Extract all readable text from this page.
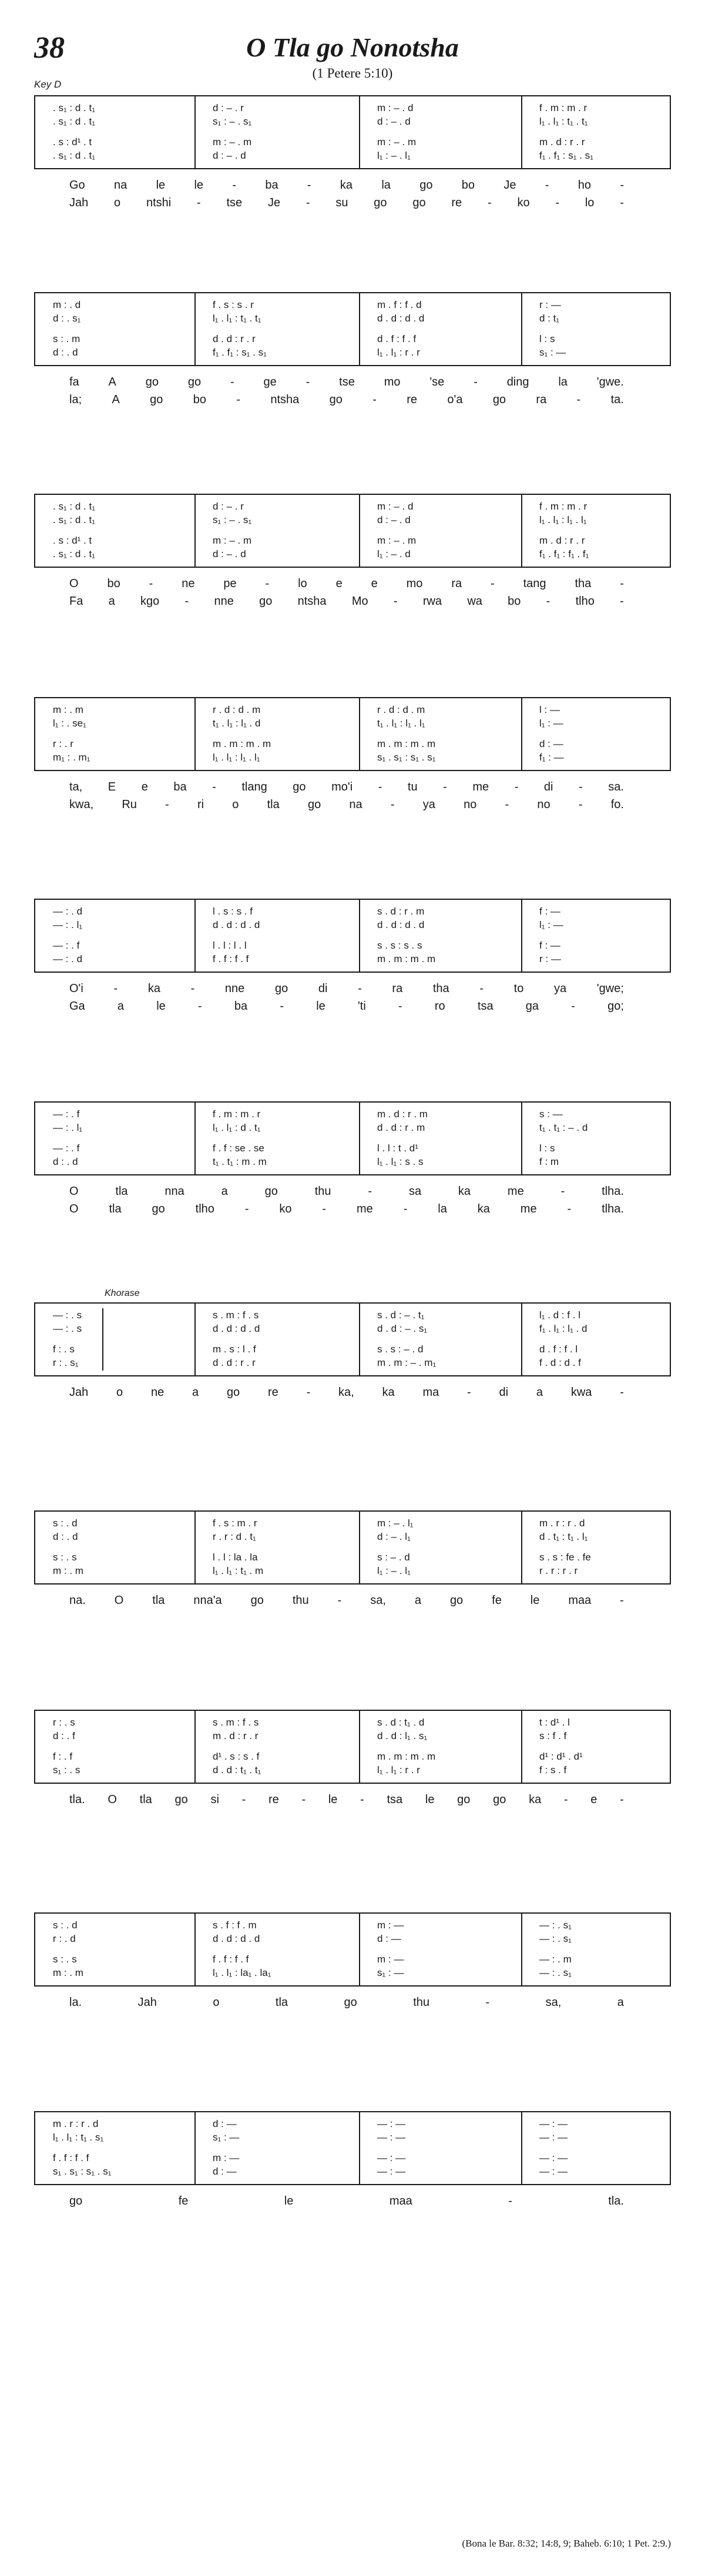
38	O Tla go Nonotsha
(1 Petere 5:10)
Key D
. s₁ : d . t₁	d : – . r	m : – . d	f . m : m . r
. s₁ : d . t₁	s₁ : – . s₁	d : – . d	l₁ . l₁ : t₁ . t₁
. s : d¹ . t	m : – . m	m : – . m	m . d : r . r
. s₁ : d . t₁	d : – . d	l₁ : – . l₁	f₁ . f₁ : s₁ . s₁
Go na le le - ba - ka la go bo Je - ho -
Jah o ntshi - tse Je - su go go re - ko - lo -
m : . d	f . s : s . r	m . f : f . d	r : —
d : . s₁	l₁ . l₁ : t₁ . t₁	d . d : d . d	d : t₁
s : . m	d . d : r . r	d . f : f . f	l : s
d : . d	f₁ . f₁ : s₁ . s₁	l₁ . l₁ : r . r	s₁ : —
fa A go go - ge - tse mo 'se - ding la 'gwe.
la;	A	go	bo	-	ntsha	go	-	re	o'a	go	ra	-	ta.
. s₁ : d . t₁	d : – . r	m : – . d	f . m : m . r
. s₁ : d . t₁	s₁ : – . s₁	d : – . d	l₁ . l₁ : l₁ . l₁
. s : d¹ . t	m : – . m	m : – . m	m . d : r . r
. s₁ : d . t₁	d : – . d	l₁ : – . d	f₁ . f₁ : f₁ . f₁
O bo - ne pe - lo e e mo ra - tang tha -
Fa a kgo - nne go ntsha Mo - rwa wa bo - tlho -
m : . m	r . d : d . m	r . d : d . m	l : —
l₁ : . se₁	t₁ . l₁ : l₁ . d	t₁ . l₁ : l₁ . l₁	l₁ : —
r : . r	m . m : m . m	m . m : m . m	d : —
m₁ : . m₁	l₁ . l₁ : l₁ . l₁	s₁ . s₁ : s₁ . s₁	f₁ : —
ta, E e ba - tlang go mo'i - tu - me - di - sa.
kwa, Ru - ri o tla go na - ya no - no - fo.
— : . d	l . s : s . f	s . d : r . m	f : —
— : . l₁	d . d : d . d	d . d : d . d	l₁ : —
— : . f	l . l : l . l	s . s : s . s	f : —
— : . d	f . f : f . f	m . m : m . m	r : —
O'i	-	ka	-	nne	go	di	-	ra	tha	-	to	ya	'gwe;
Ga	a	le	-	ba	-	le	'ti	-	ro	tsa	ga	-	go;
— : . f	f . m : m . r	m . d : r . m	s : —
— : . l₁	l₁ . l₁ : d . t₁	d . d : r . m	t₁ . t₁ : – . d
— : . f	f . f : se . se	l . l : t . d¹	l : s
d : . d	t₁ . t₁ : m . m	l₁ . l₁ : s . s	f : m
O	tla	nna	a	go	thu	-	sa	ka	me	-	tlha.
O	tla	go	tlho	-	ko	-	me	-	la	ka	me	-	tlha.
Khorase
— : . s	s . m : f . s	s . d : – . t₁	l₁ . d : f . l
— : . s	d . d : d . d	d . d : – . s₁	f₁ . l₁ : l₁ . d
f : . s	m . s : l . f	s . s : – . d	d . f : f . l
r : . s₁	d . d : r . r	m . m : – . m₁	f . d : d . f
Jah o ne a go re - ka, ka ma - di a kwa -
s : . d	f . s : m . r	m : – . l₁	m . r : r . d
d : . d	r . r : d . t₁	d : – . l₁	d . t₁ : t₁ . l₁
s : . s	l . l : la . la	s : – . d	s . s : fe . fe
m : . m	l₁ . l₁ : t₁ . m	l₁ : – . l₁	r . r : r . r
na. O tla nna'a go thu - sa, a go fe le maa -
r : . s	s . m : f . s	s . d : t₁ . d	t : d¹ . l
d : . f	m . d : r . r	d . d : l₁ . s₁	s : f . f
f : . f	d¹ . s : s . f	m . m : m . m	d¹ : d¹ . d¹
s₁ : . s	d . d : t₁ . t₁	l₁ . l₁ : r . r	f : s . f
tla. O tla go si - re - le - tsa le go go ka - e -
s : . d	s . f : f . m	m : —	— : . s₁
r : . d	d . d : d . d	d : —	— : . s₁
s : . s	f . f : f . f	m : —	— : . m
m : . m	l₁ . l₁ : la₁ . la₁	s₁ : —	— : . s₁
la.	Jah	o	tla	go	thu	-	sa,	a
m . r : r . d	d : —	— : —	— : —
l₁ . l₁ : t₁ . s₁	s₁ : —	— : —	— : —
f . f : f . f	m : —	— : —	— : —
s₁ . s₁ : s₁ . s₁	d : —	— : —	— : —
go	fe	le	maa	-	tla.
(Bona le Bar. 8:32; 14:8, 9; Baheb. 6:10; 1 Pet. 2:9.)
